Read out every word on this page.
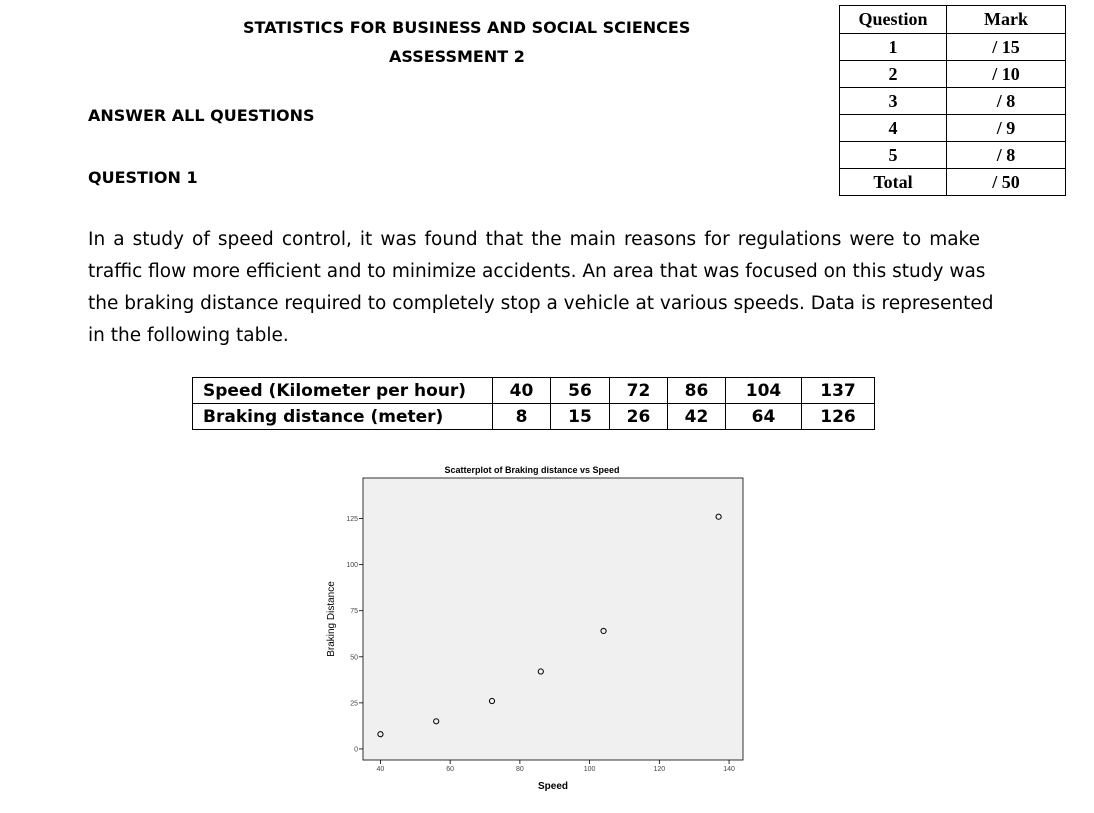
STATISTICS FOR BUSINESS AND SOCIAL SCIENCES
ASSESSMENT 2
Question	Mark
1	/ 15
2	/ 10
3	/ 8
4	/ 9
5	/ 8
Total	/ 50
ANSWER ALL QUESTIONS
QUESTION 1
In a study of speed control, it was found that the main reasons for regulations were to make
traffic flow more efficient and to minimize accidents. An area that was focused on this study was
the braking distance required to completely stop a vehicle at various speeds. Data is represented
in the following table.
Speed (Kilometer per hour)	40	56	72	86	104	137
Braking distance (meter)	8	15	26	42	64	126
Scatterplot of Braking distance vs Speed
40	60	80	100	120	140
0
25
50
75
100
125
Speed
Braking Distance
